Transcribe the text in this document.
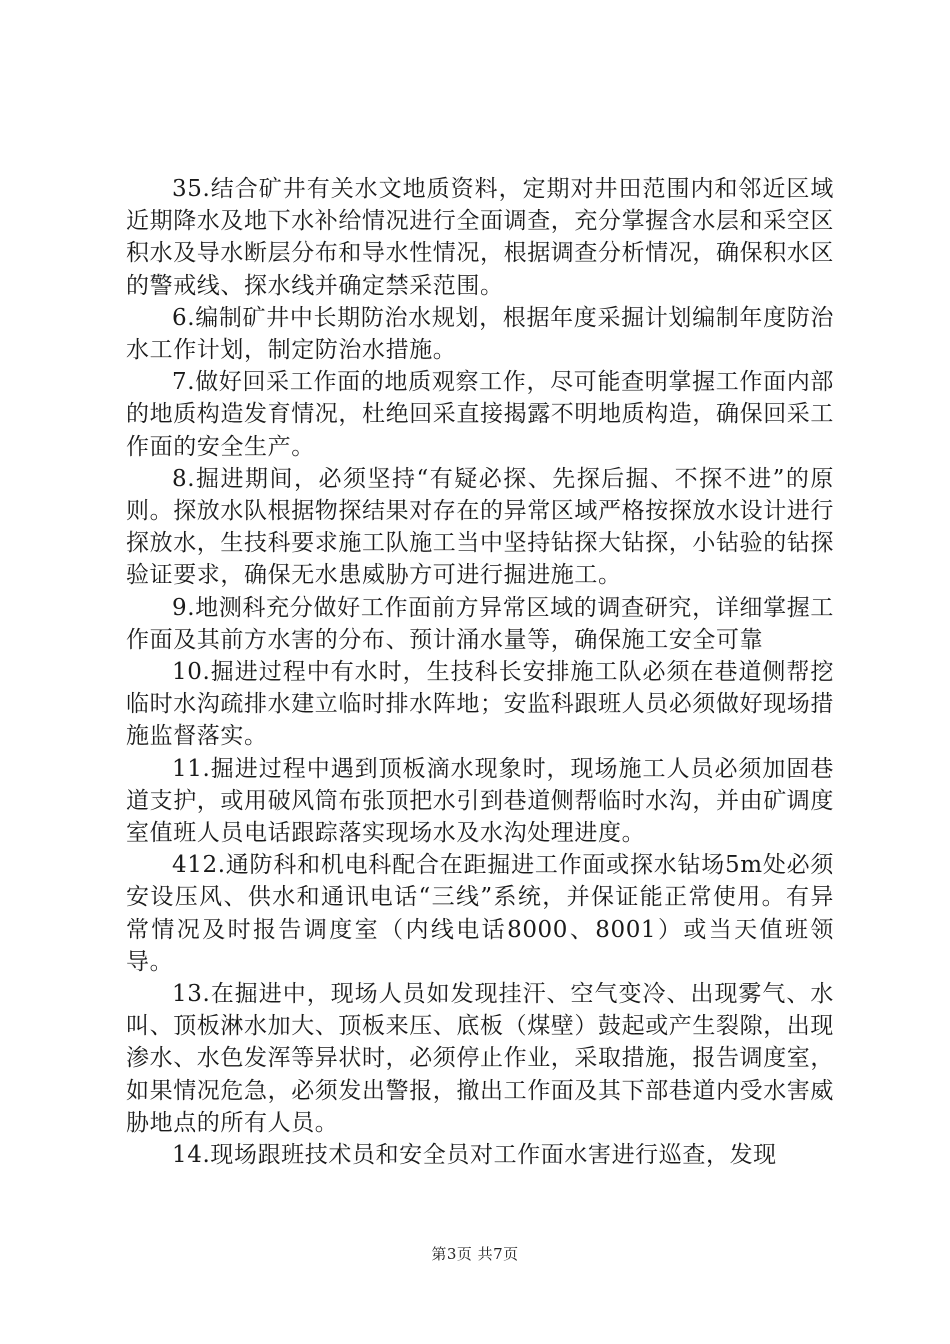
35.结合矿井有关水文地质资料，定期对井田范围内和邻近区域近期降水及地下水补给情况进行全面调查，充分掌握含水层和采空区积水及导水断层分布和导水性情况，根据调查分析情况，确保积水区的警戒线、探水线并确定禁采范围。

6.编制矿井中长期防治水规划，根据年度采掘计划编制年度防治水工作计划，制定防治水措施。

7.做好回采工作面的地质观察工作，尽可能查明掌握工作面内部的地质构造发育情况，杜绝回采直接揭露不明地质构造，确保回采工作面的安全生产。

8.掘进期间，必须坚持“有疑必探、先探后掘、不探不进”的原则。探放水队根据物探结果对存在的异常区域严格按探放水设计进行探放水，生技科要求施工队施工当中坚持钻探大钻探，小钻验的钻探验证要求，确保无水患威胁方可进行掘进施工。

9.地测科充分做好工作面前方异常区域的调查研究，详细掌握工作面及其前方水害的分布、预计涌水量等，确保施工安全可靠

10.掘进过程中有水时，生技科长安排施工队必须在巷道侧帮挖临时水沟疏排水建立临时排水阵地；安监科跟班人员必须做好现场措施监督落实。

11.掘进过程中遇到顶板滴水现象时，现场施工人员必须加固巷道支护，或用破风筒布张顶把水引到巷道侧帮临时水沟，并由矿调度室值班人员电话跟踪落实现场水及水沟处理进度。

412.通防科和机电科配合在距掘进工作面或探水钻场5m处必须安设压风、供水和通讯电话“三线”系统，并保证能正常使用。有异常情况及时报告调度室（内线电话8000、8001）或当天值班领导。

13.在掘进中，现场人员如发现挂汗、空气变冷、出现雾气、水叫、顶板淋水加大、顶板来压、底板（煤壁）鼓起或产生裂隙，出现渗水、水色发浑等异状时，必须停止作业，采取措施，报告调度室，如果情况危急，必须发出警报，撤出工作面及其下部巷道内受水害威胁地点的所有人员。

14.现场跟班技术员和安全员对工作面水害进行巡查，发现

第3页 共7页
